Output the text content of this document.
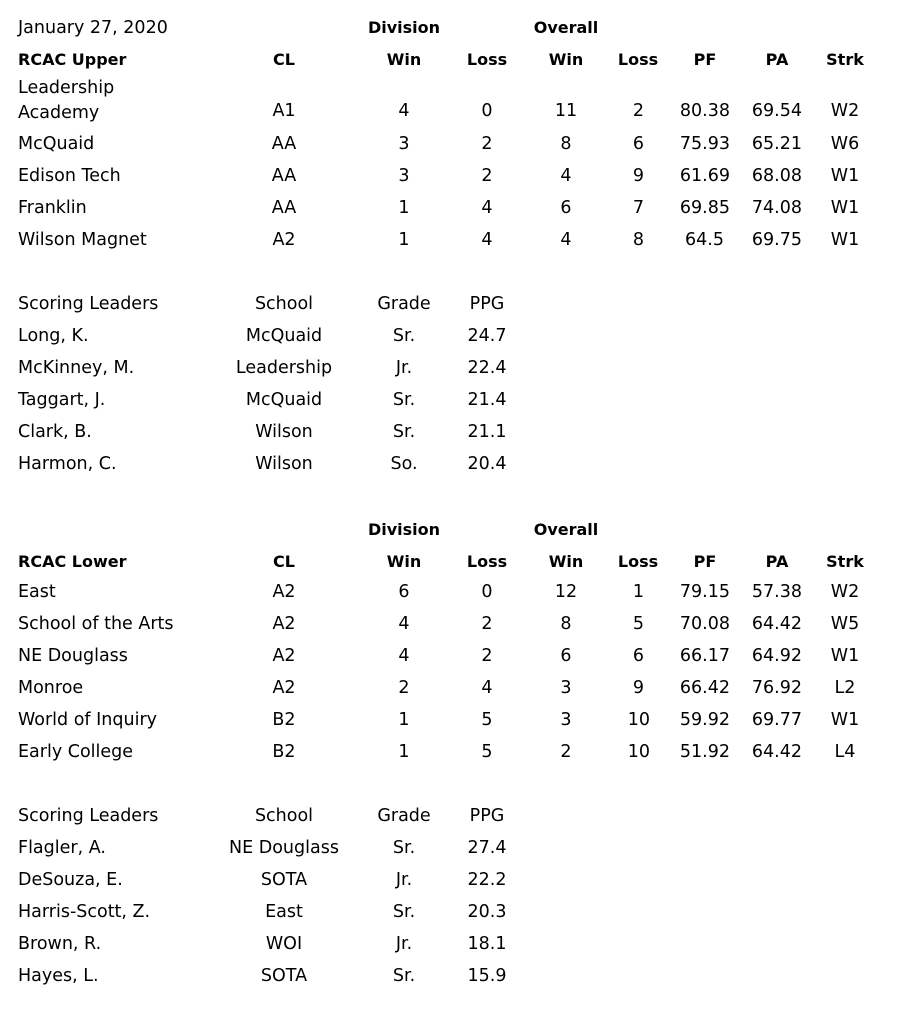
January 27, 2020	Division	Overall
RCAC Upper	CL	Win	Loss	Win Loss PF	PA Strk
Leadership Academy	A1	4	0	11	2 80.38 69.54 W2
McQuaid	AA	3	2	8	6 75.93 65.21 W6
Edison Tech	AA	3	2	4	9 61.69 68.08 W1
Franklin	AA	1	4	6	7 69.85 74.08 W1
Wilson Magnet	A2	1	4	4	8 64.5 69.75 W1
Scoring Leaders	School	Grade PPG
Long, K.	McQuaid	Sr.	24.7
McKinney, M.	Leadership	Jr.	22.4
Taggart, J.	McQuaid	Sr.	21.4
Clark, B.	Wilson	Sr.	21.1
Harmon, C.	Wilson	So.	20.4
Division	Overall
RCAC Lower	CL	Win	Loss	Win Loss PF	PA Strk
East	A2	6	0	12	1 79.15 57.38 W2
School of the Arts	A2	4	2	8	5 70.08 64.42 W5
NE Douglass	A2	4	2	6	6 66.17 64.92 W1
Monroe	A2	2	4	3	9 66.42 76.92 L2
World of Inquiry	B2	1	5	3	10 59.92 69.77 W1
Early College	B2	1	5	2	10 51.92 64.42 L4
Scoring Leaders	School	Grade PPG
Flagler, A.	NE Douglass	Sr.	27.4
DeSouza, E.	SOTA	Jr.	22.2
Harris-Scott, Z.	East	Sr.	20.3
Brown, R.	WOI	Jr.	18.1
Hayes, L.	SOTA	Sr.	15.9
